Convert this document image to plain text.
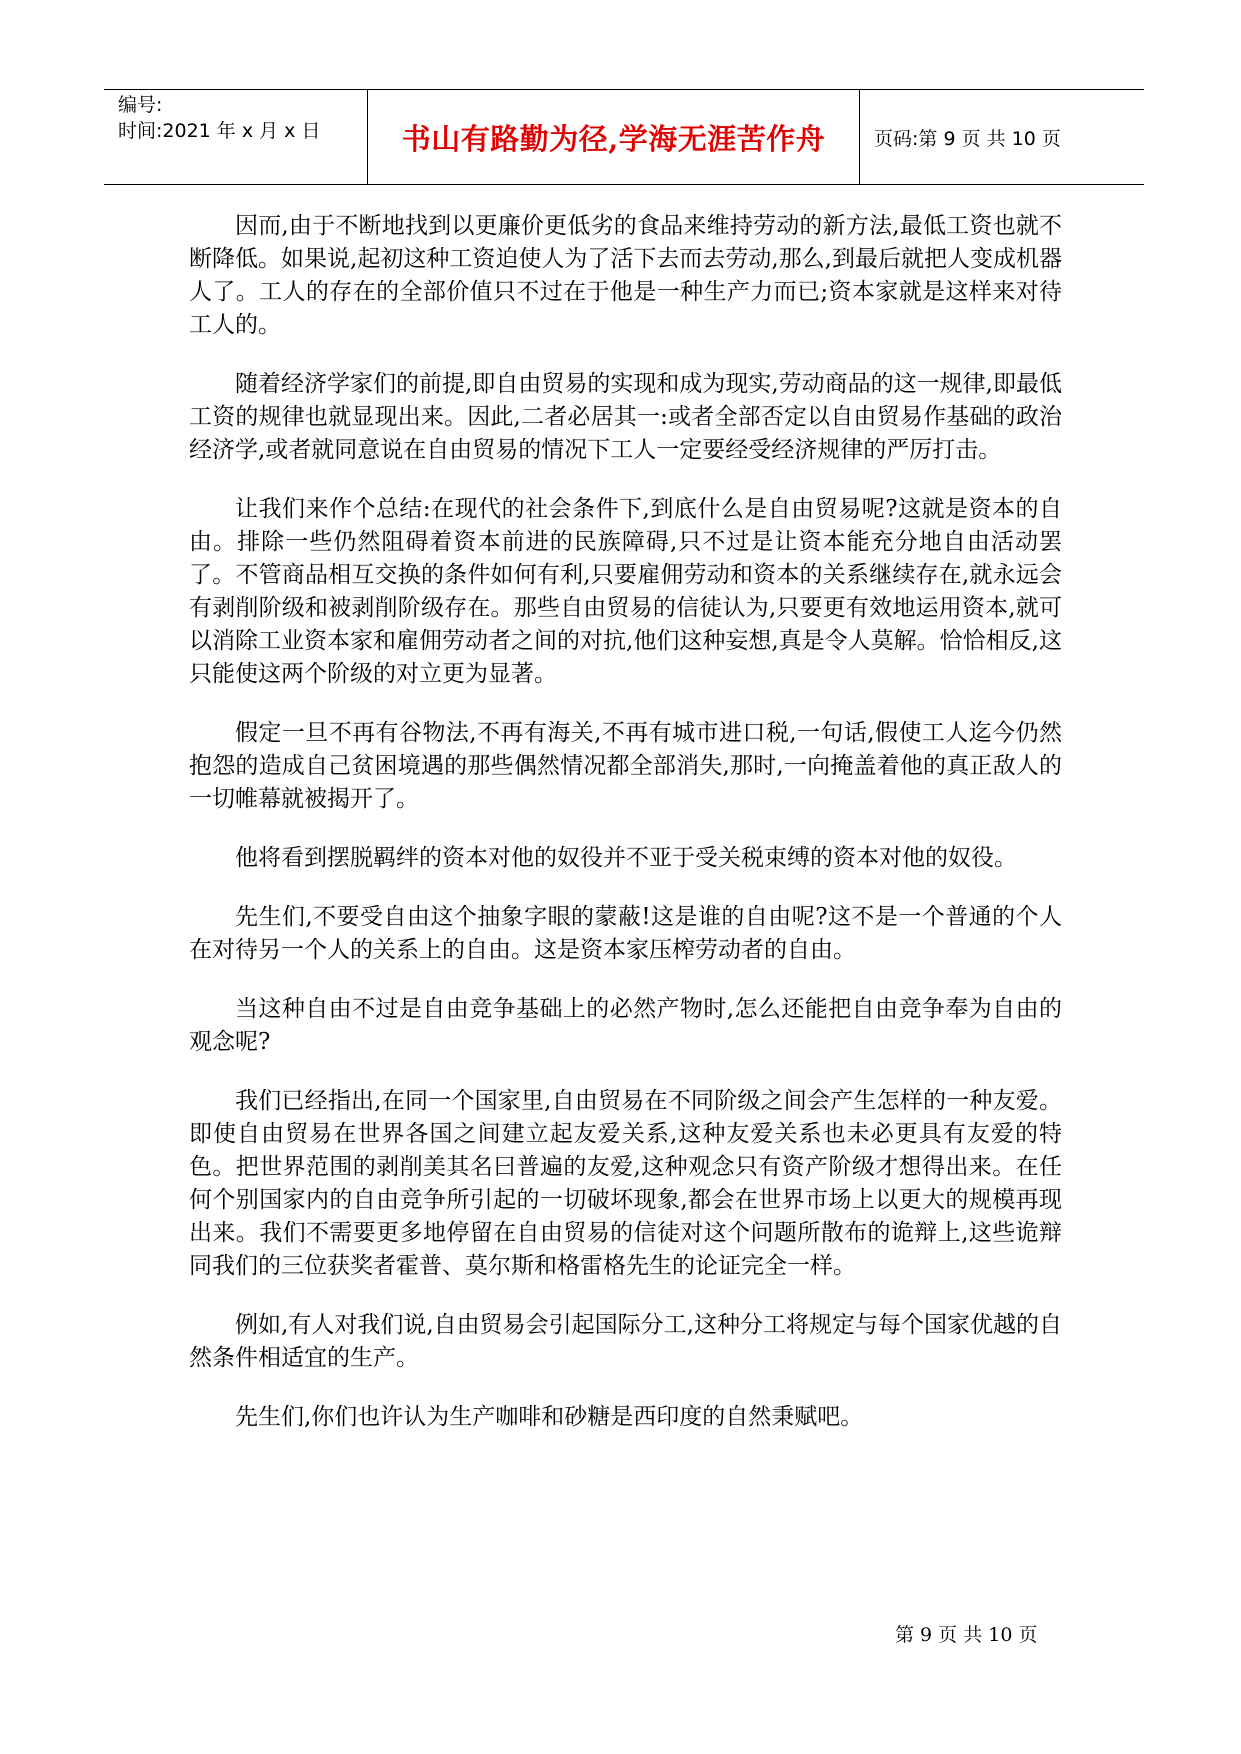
编号:
时间:2021 年 x 月 x 日	书山有路勤为径,学海无涯苦作舟	页码:第 9 页 共 10 页

因而,由于不断地找到以更廉价更低劣的食品来维持劳动的新方法,最低工资也就不断降低。如果说,起初这种工资迫使人为了活下去而去劳动,那么,到最后就把人变成机器人了。工人的存在的全部价值只不过在于他是一种生产力而已;资本家就是这样来对待工人的。

随着经济学家们的前提,即自由贸易的实现和成为现实,劳动商品的这一规律,即最低工资的规律也就显现出来。因此,二者必居其一:或者全部否定以自由贸易作基础的政治经济学,或者就同意说在自由贸易的情况下工人一定要经受经济规律的严厉打击。

让我们来作个总结:在现代的社会条件下,到底什么是自由贸易呢?这就是资本的自由。排除一些仍然阻碍着资本前进的民族障碍,只不过是让资本能充分地自由活动罢了。不管商品相互交换的条件如何有利,只要雇佣劳动和资本的关系继续存在,就永远会有剥削阶级和被剥削阶级存在。那些自由贸易的信徒认为,只要更有效地运用资本,就可以消除工业资本家和雇佣劳动者之间的对抗,他们这种妄想,真是令人莫解。恰恰相反,这只能使这两个阶级的对立更为显著。

假定一旦不再有谷物法,不再有海关,不再有城市进口税,一句话,假使工人迄今仍然抱怨的造成自己贫困境遇的那些偶然情况都全部消失,那时,一向掩盖着他的真正敌人的一切帷幕就被揭开了。

他将看到摆脱羁绊的资本对他的奴役并不亚于受关税束缚的资本对他的奴役。

先生们,不要受自由这个抽象字眼的蒙蔽!这是谁的自由呢?这不是一个普通的个人在对待另一个人的关系上的自由。这是资本家压榨劳动者的自由。

当这种自由不过是自由竞争基础上的必然产物时,怎么还能把自由竞争奉为自由的观念呢?

我们已经指出,在同一个国家里,自由贸易在不同阶级之间会产生怎样的一种友爱。即使自由贸易在世界各国之间建立起友爱关系,这种友爱关系也未必更具有友爱的特色。把世界范围的剥削美其名曰普遍的友爱,这种观念只有资产阶级才想得出来。在任何个别国家内的自由竞争所引起的一切破坏现象,都会在世界市场上以更大的规模再现出来。我们不需要更多地停留在自由贸易的信徒对这个问题所散布的诡辩上,这些诡辩同我们的三位获奖者霍普、莫尔斯和格雷格先生的论证完全一样。

例如,有人对我们说,自由贸易会引起国际分工,这种分工将规定与每个国家优越的自然条件相适宜的生产。

先生们,你们也许认为生产咖啡和砂糖是西印度的自然秉赋吧。

第 9 页 共 10 页
